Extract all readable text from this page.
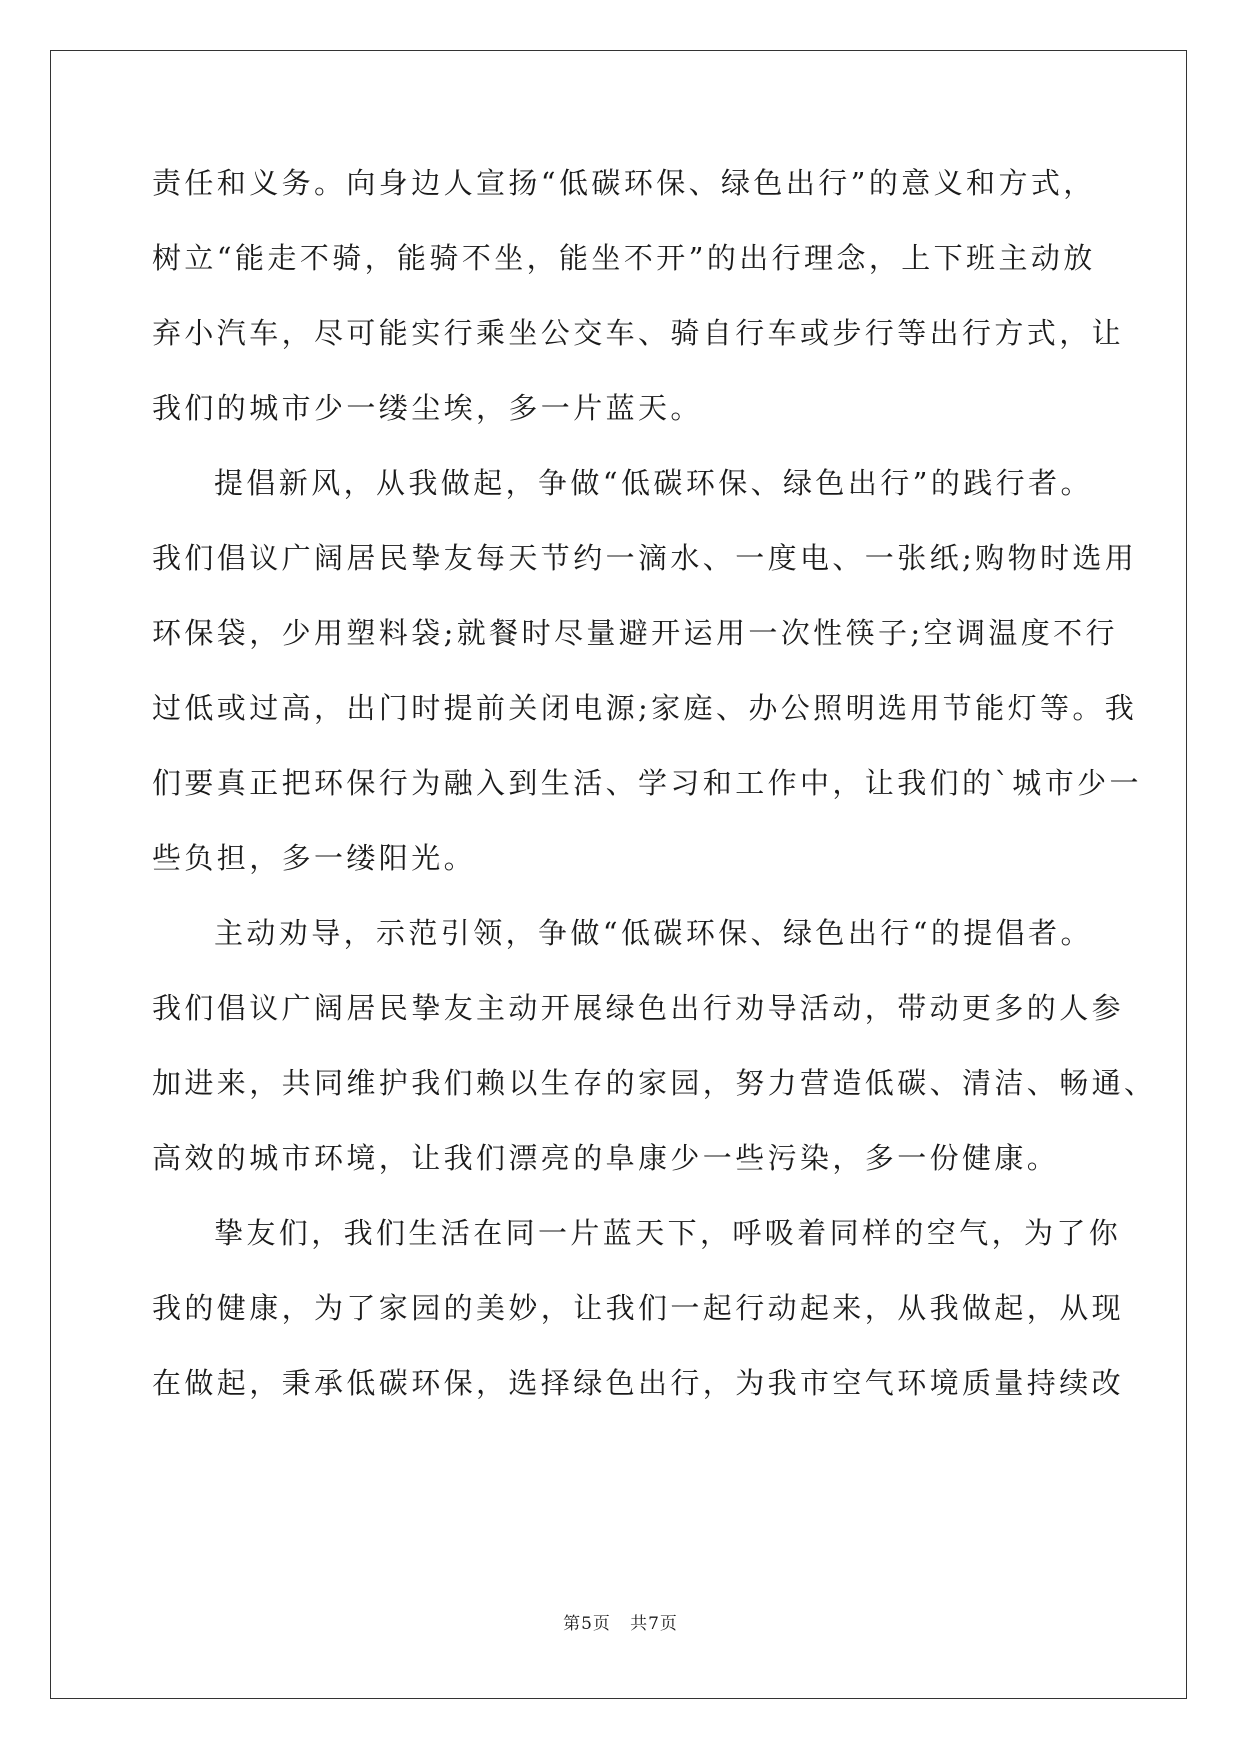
责任和义务。向身边人宣扬“低碳环保、绿色出行”的意义和方式，

树立“能走不骑，能骑不坐，能坐不开”的出行理念，上下班主动放

弃小汽车，尽可能实行乘坐公交车、骑自行车或步行等出行方式，让

我们的城市少一缕尘埃，多一片蓝天。

提倡新风，从我做起，争做“低碳环保、绿色出行”的践行者。

我们倡议广阔居民挚友每天节约一滴水、一度电、一张纸;购物时选用

环保袋，少用塑料袋;就餐时尽量避开运用一次性筷子;空调温度不行

过低或过高，出门时提前关闭电源;家庭、办公照明选用节能灯等。我

们要真正把环保行为融入到生活、学习和工作中，让我们的`城市少一

些负担，多一缕阳光。

主动劝导，示范引领，争做“低碳环保、绿色出行“的提倡者。

我们倡议广阔居民挚友主动开展绿色出行劝导活动，带动更多的人参

加进来，共同维护我们赖以生存的家园，努力营造低碳、清洁、畅通、

高效的城市环境，让我们漂亮的阜康少一些污染，多一份健康。

挚友们，我们生活在同一片蓝天下，呼吸着同样的空气，为了你

我的健康，为了家园的美妙，让我们一起行动起来，从我做起，从现

在做起，秉承低碳环保，选择绿色出行，为我市空气环境质量持续改

第5页   共7页
